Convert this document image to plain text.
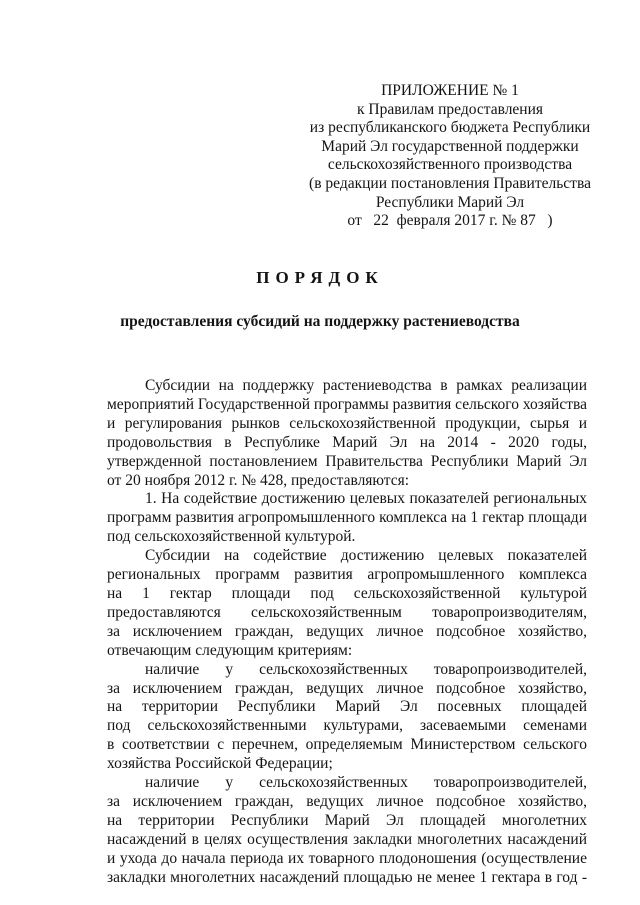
ПРИЛОЖЕНИЕ № 1
к Правилам предоставления
из республиканского бюджета Республики
Марий Эл государственной поддержки
сельскохозяйственного производства
(в редакции постановления Правительства
Республики Марий Эл
от   22  февраля 2017 г. № 87   )
ПОРЯДОК
предоставления субсидий на поддержку растениеводства

Субсидии на поддержку растениеводства в рамках реализации
мероприятий Государственной программы развития сельского хозяйства
и регулирования рынков сельскохозяйственной продукции, сырья и
продовольствия в Республике Марий Эл на 2014 - 2020 годы,
утвержденной постановлением Правительства Республики Марий Эл
от 20 ноября 2012 г. № 428, предоставляются:

1. На содействие достижению целевых показателей региональных
программ развития агропромышленного комплекса на 1 гектар площади
под сельскохозяйственной культурой.

Субсидии на содействие достижению целевых показателей
региональных программ развития агропромышленного комплекса
на 1 гектар площади под сельскохозяйственной культурой
предоставляются сельскохозяйственным товаропроизводителям,
за исключением граждан, ведущих личное подсобное хозяйство,
отвечающим следующим критериям:

наличие у сельскохозяйственных товаропроизводителей,
за исключением граждан, ведущих личное подсобное хозяйство,
на территории Республики Марий Эл посевных площадей
под сельскохозяйственными культурами, засеваемыми семенами
в соответствии с перечнем, определяемым Министерством сельского
хозяйства Российской Федерации;

наличие у сельскохозяйственных товаропроизводителей,
за исключением граждан, ведущих личное подсобное хозяйство,
на территории Республики Марий Эл площадей многолетних
насаждений в целях осуществления закладки многолетних насаждений
и ухода до начала периода их товарного плодоношения (осуществление
закладки многолетних насаждений площадью не менее 1 гектара в год -
